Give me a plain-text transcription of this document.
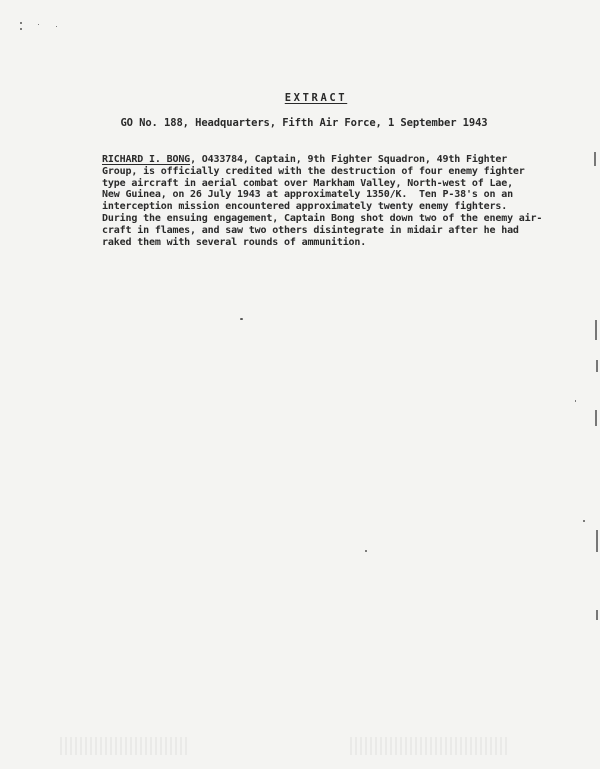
EXTRACT
GO No. 188, Headquarters, Fifth Air Force, 1 September 1943
RICHARD I. BONG, O433784, Captain, 9th Fighter Squadron, 49th Fighter
Group, is officially credited with the destruction of four enemy fighter
type aircraft in aerial combat over Markham Valley, North-west of Lae,
New Guinea, on 26 July 1943 at approximately 1350/K.  Ten P-38's on an
interception mission encountered approximately twenty enemy fighters.
During the ensuing engagement, Captain Bong shot down two of the enemy air-
craft in flames, and saw two others disintegrate in midair after he had
raked them with several rounds of ammunition.
